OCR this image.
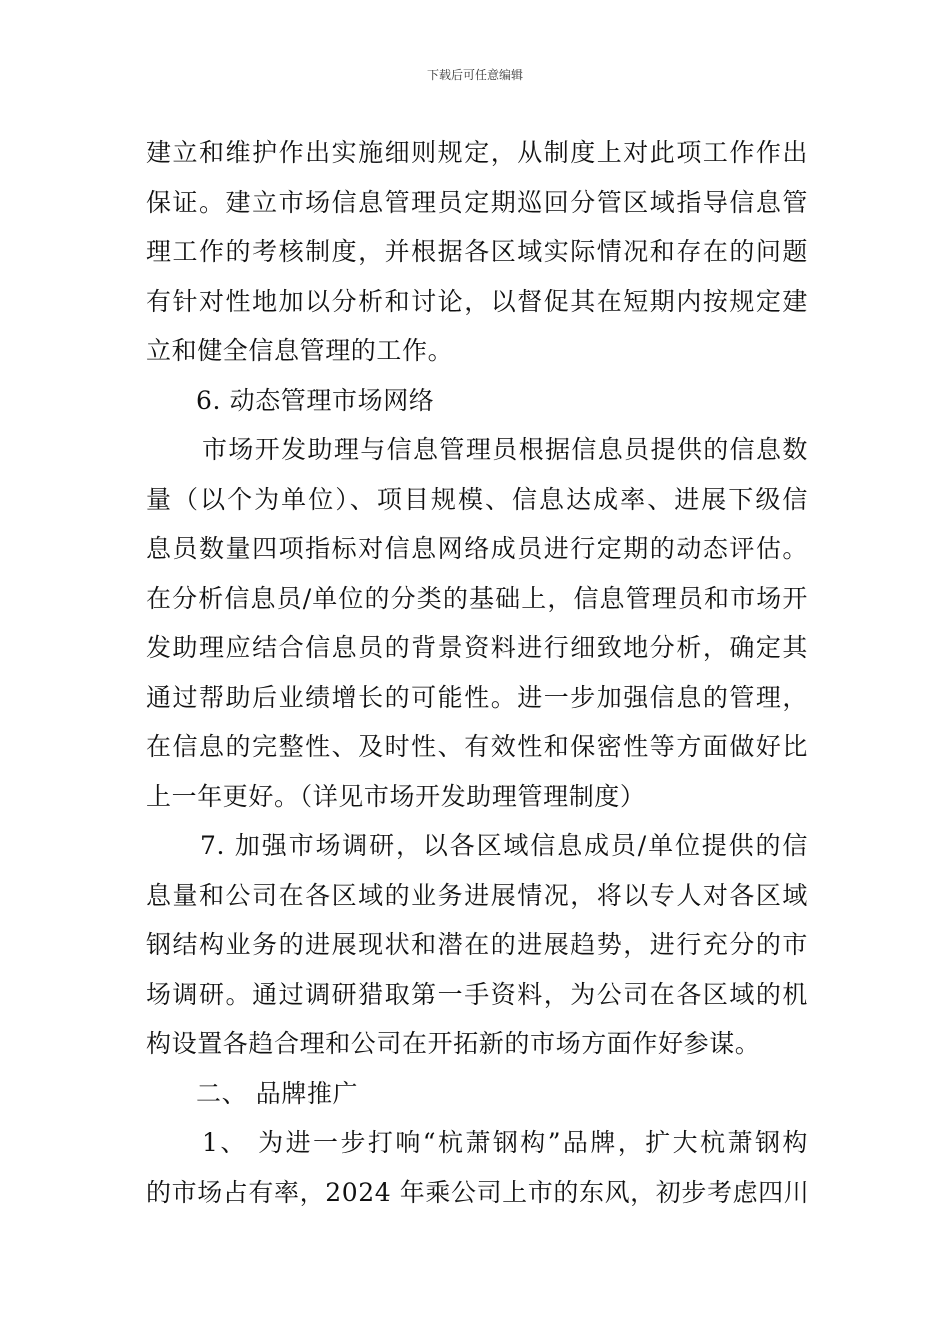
下载后可任意编辑
建立和维护作出实施细则规定，从制度上对此项工作作出
保证。建立市场信息管理员定期巡回分管区域指导信息管
理工作的考核制度，并根据各区域实际情况和存在的问题
有针对性地加以分析和讨论，以督促其在短期内按规定建
立和健全信息管理的工作。
6. 动态管理市场网络
市场开发助理与信息管理员根据信息员提供的信息数
量（以个为单位）、项目规模、信息达成率、进展下级信
息员数量四项指标对信息网络成员进行定期的动态评估。
在分析信息员/单位的分类的基础上，信息管理员和市场开
发助理应结合信息员的背景资料进行细致地分析，确定其
通过帮助后业绩增长的可能性。进一步加强信息的管理，
在信息的完整性、及时性、有效性和保密性等方面做好比
上一年更好。（详见市场开发助理管理制度）
7. 加强市场调研，以各区域信息成员/单位提供的信
息量和公司在各区域的业务进展情况，将以专人对各区域
钢结构业务的进展现状和潜在的进展趋势，进行充分的市
场调研。通过调研猎取第一手资料，为公司在各区域的机
构设置各趋合理和公司在开拓新的市场方面作好参谋。
二、 品牌推广
1、 为进一步打响“杭萧钢构”品牌，扩大杭萧钢构
的市场占有率，2024 年乘公司上市的东风，初步考虑四川
